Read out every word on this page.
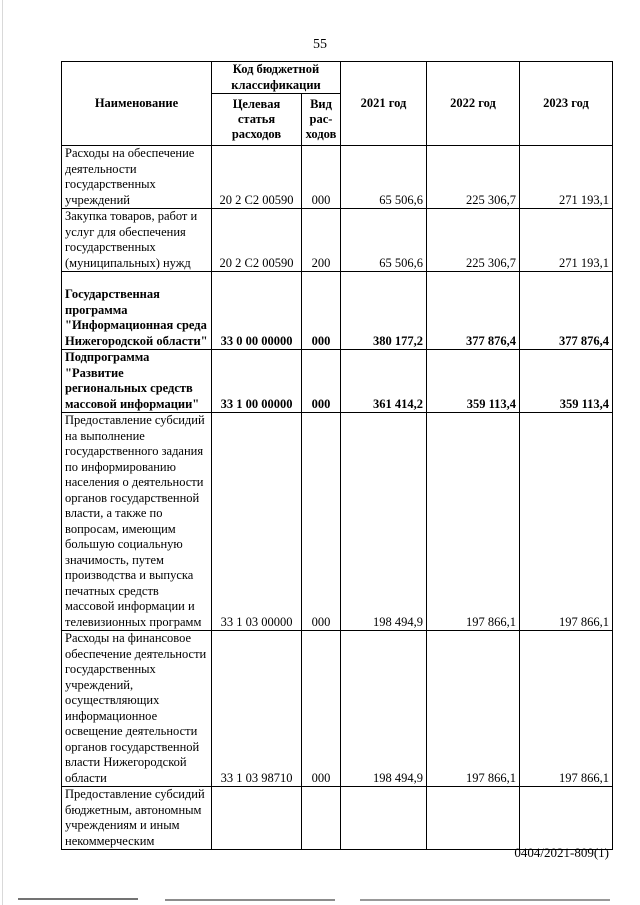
55
Наименование	Код бюджетной классификации		2021 год	2022 год	2023 год
	Целевая статья расходов	Вид рас-ходов			
Расходы на обеспечение деятельности государственных учреждений	20 2 С2 00590	000	65 506,6	225 306,7	271 193,1
Закупка товаров, работ и услуг для обеспечения государственных (муниципальных) нужд	20 2 С2 00590	200	65 506,6	225 306,7	271 193,1
Государственная программа "Информационная среда Нижегородской области"	33 0 00 00000	000	380 177,2	377 876,4	377 876,4
Подпрограмма "Развитие региональных средств массовой информации"	33 1 00 00000	000	361 414,2	359 113,4	359 113,4
Предоставление субсидий на выполнение государственного задания по информированию населения о деятельности органов государственной власти, а также по вопросам, имеющим большую социальную значимость, путем производства и выпуска печатных средств массовой информации и телевизионных программ	33 1 03 00000	000	198 494,9	197 866,1	197 866,1
Расходы на финансовое обеспечение деятельности государственных учреждений, осуществляющих информационное освещение деятельности органов государственной власти Нижегородской области	33 1 03 98710	000	198 494,9	197 866,1	197 866,1
Предоставление субсидий бюджетным, автономным учреждениям и иным некоммерческим					
0404/2021-809(1)
